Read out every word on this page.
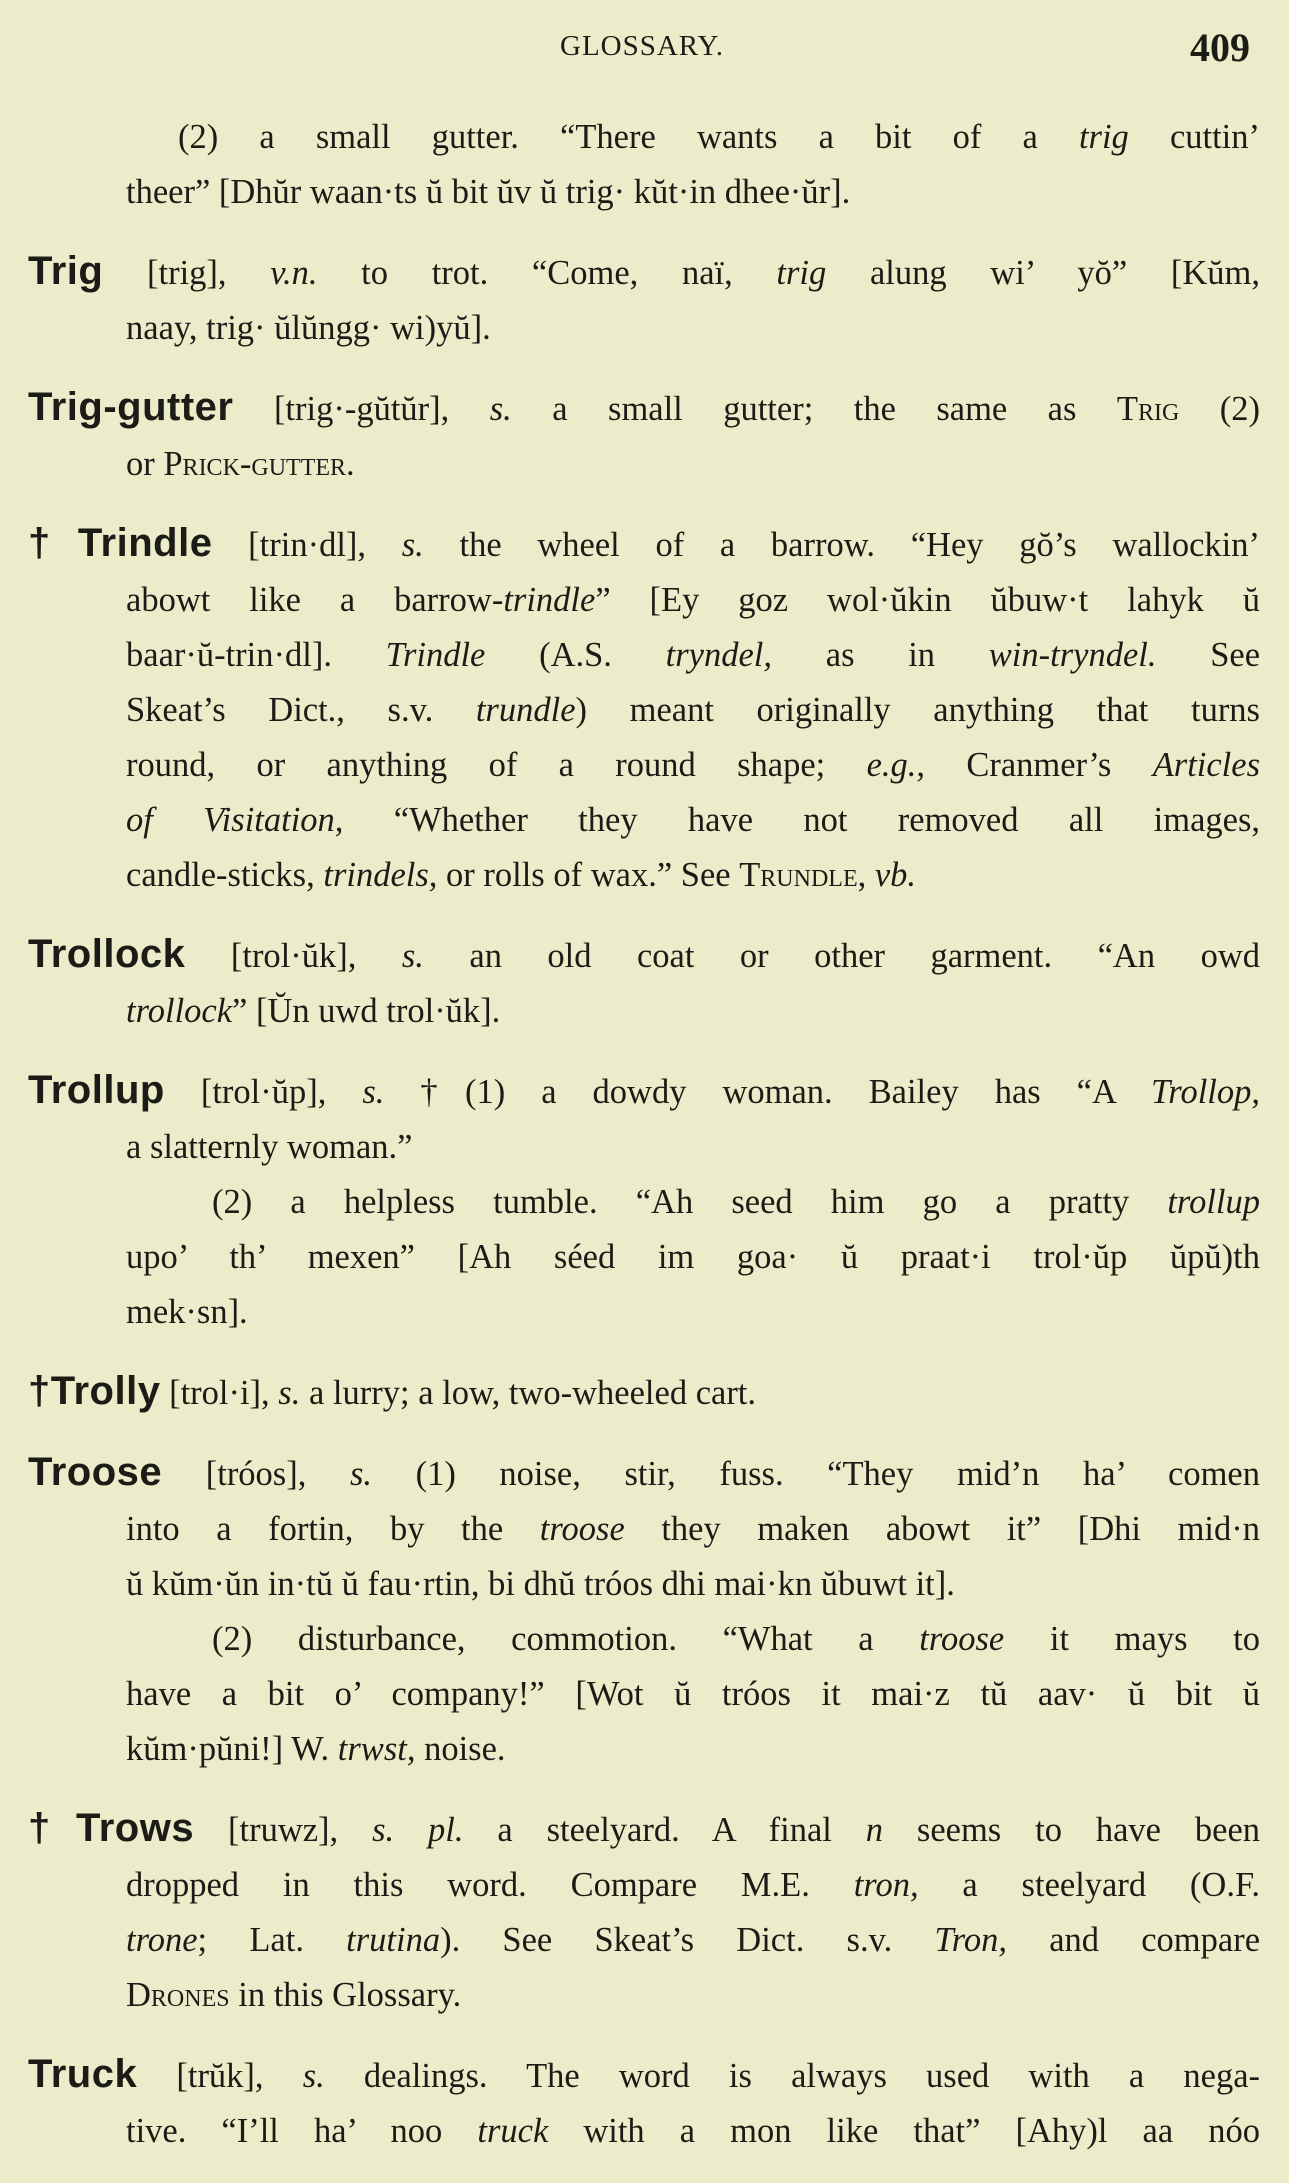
GLOSSARY.	409
(2) a small gutter. “There wants a bit of a trig cuttin’
theer” [Dhŭr waan·ts ŭ bit ŭv ŭ trig· kŭt·in dhee·ŭr].
Trig [trig], v.n. to trot. “Come, naï, trig alung wi’ yŏ” [Kŭm,
naay, trig· ŭlŭngg· wi)yŭ].
Trig-gutter [trig·-gŭtŭr], s. a small gutter; the same as Trig (2)
or Prick-gutter.
†Trindle [trin·dl], s. the wheel of a barrow. “Hey gŏ’s wallockin’
abowt like a barrow-trindle” [Ey goz wol·ŭkin ŭbuw·t lahyk ŭ
baar·ŭ-trin·dl]. Trindle (A.S. tryndel, as in win-tryndel. See
Skeat’s Dict., s.v. trundle) meant originally anything that turns
round, or anything of a round shape; e.g., Cranmer’s Articles
of Visitation, “Whether they have not removed all images,
candle-sticks, trindels, or rolls of wax.” See Trundle, vb.
Trollock [trol·ŭk], s. an old coat or other garment. “An owd
trollock” [Ŭn uwd trol·ŭk].
Trollup [trol·ŭp], s. †(1) a dowdy woman. Bailey has “A Trollop,
a slatternly woman.”
(2) a helpless tumble. “Ah seed him go a pratty trollup
upo’ th’ mexen” [Ah séed im goa· ŭ praat·i trol·ŭp ŭpŭ)th
mek·sn].
†Trolly [trol·i], s. a lurry; a low, two-wheeled cart.
Troose [tróos], s. (1) noise, stir, fuss. “They mid’n ha’ comen
into a fortin, by the troose they maken abowt it” [Dhi mid·n
ŭ kŭm·ŭn in·tŭ ŭ fau·rtin, bi dhŭ tróos dhi mai·kn ŭbuwt it].
(2) disturbance, commotion. “What a troose it mays to
have a bit o’ company!” [Wot ŭ tróos it mai·z tŭ aav· ŭ bit ŭ
kŭm·pŭni!] W. trwst, noise.
†Trows [truwz], s. pl. a steelyard. A final n seems to have been
dropped in this word. Compare M.E. tron, a steelyard (O.F.
trone; Lat. trutina). See Skeat’s Dict. s.v. Tron, and compare
Drones in this Glossary.
Truck [trŭk], s. dealings. The word is always used with a nega-
tive. “I’ll ha’ noo truck with a mon like that” [Ahy)l aa nóo
